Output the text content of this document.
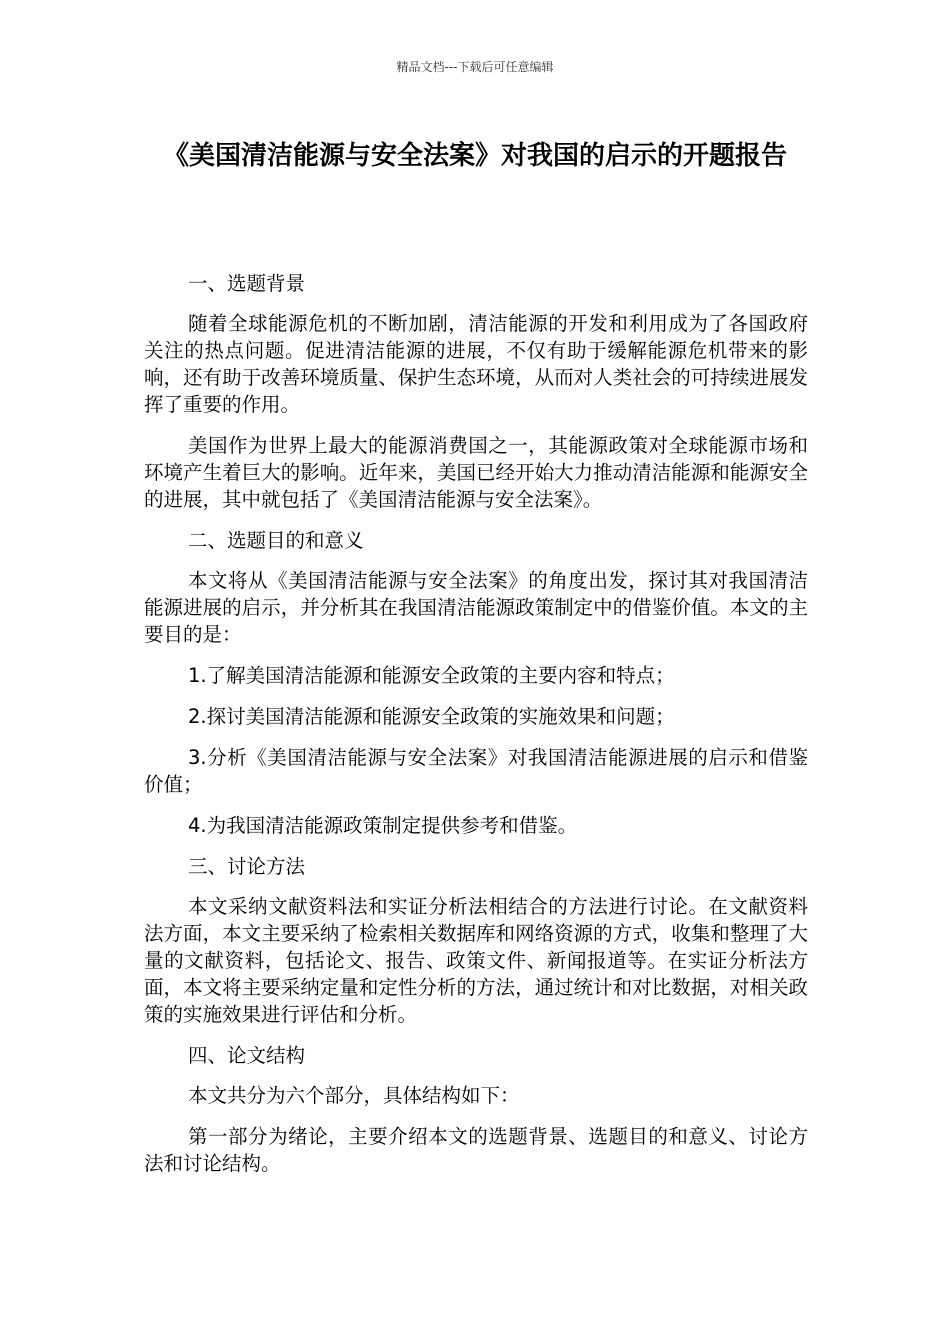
精品文档---下载后可任意编辑
《美国清洁能源与安全法案》对我国的启示的开题报告

一、选题背景

随着全球能源危机的不断加剧，清洁能源的开发和利用成为了各国政府关注的热点问题。促进清洁能源的进展，不仅有助于缓解能源危机带来的影响，还有助于改善环境质量、保护生态环境，从而对人类社会的可持续进展发挥了重要的作用。

美国作为世界上最大的能源消费国之一，其能源政策对全球能源市场和环境产生着巨大的影响。近年来，美国已经开始大力推动清洁能源和能源安全的进展，其中就包括了《美国清洁能源与安全法案》。

二、选题目的和意义

本文将从《美国清洁能源与安全法案》的角度出发，探讨其对我国清洁能源进展的启示，并分析其在我国清洁能源政策制定中的借鉴价值。本文的主要目的是：

1.了解美国清洁能源和能源安全政策的主要内容和特点；

2.探讨美国清洁能源和能源安全政策的实施效果和问题；

3.分析《美国清洁能源与安全法案》对我国清洁能源进展的启示和借鉴价值；

4.为我国清洁能源政策制定提供参考和借鉴。

三、讨论方法

本文采纳文献资料法和实证分析法相结合的方法进行讨论。在文献资料法方面，本文主要采纳了检索相关数据库和网络资源的方式，收集和整理了大量的文献资料，包括论文、报告、政策文件、新闻报道等。在实证分析法方面，本文将主要采纳定量和定性分析的方法，通过统计和对比数据，对相关政策的实施效果进行评估和分析。

四、论文结构

本文共分为六个部分，具体结构如下：

第一部分为绪论，主要介绍本文的选题背景、选题目的和意义、讨论方法和讨论结构。
